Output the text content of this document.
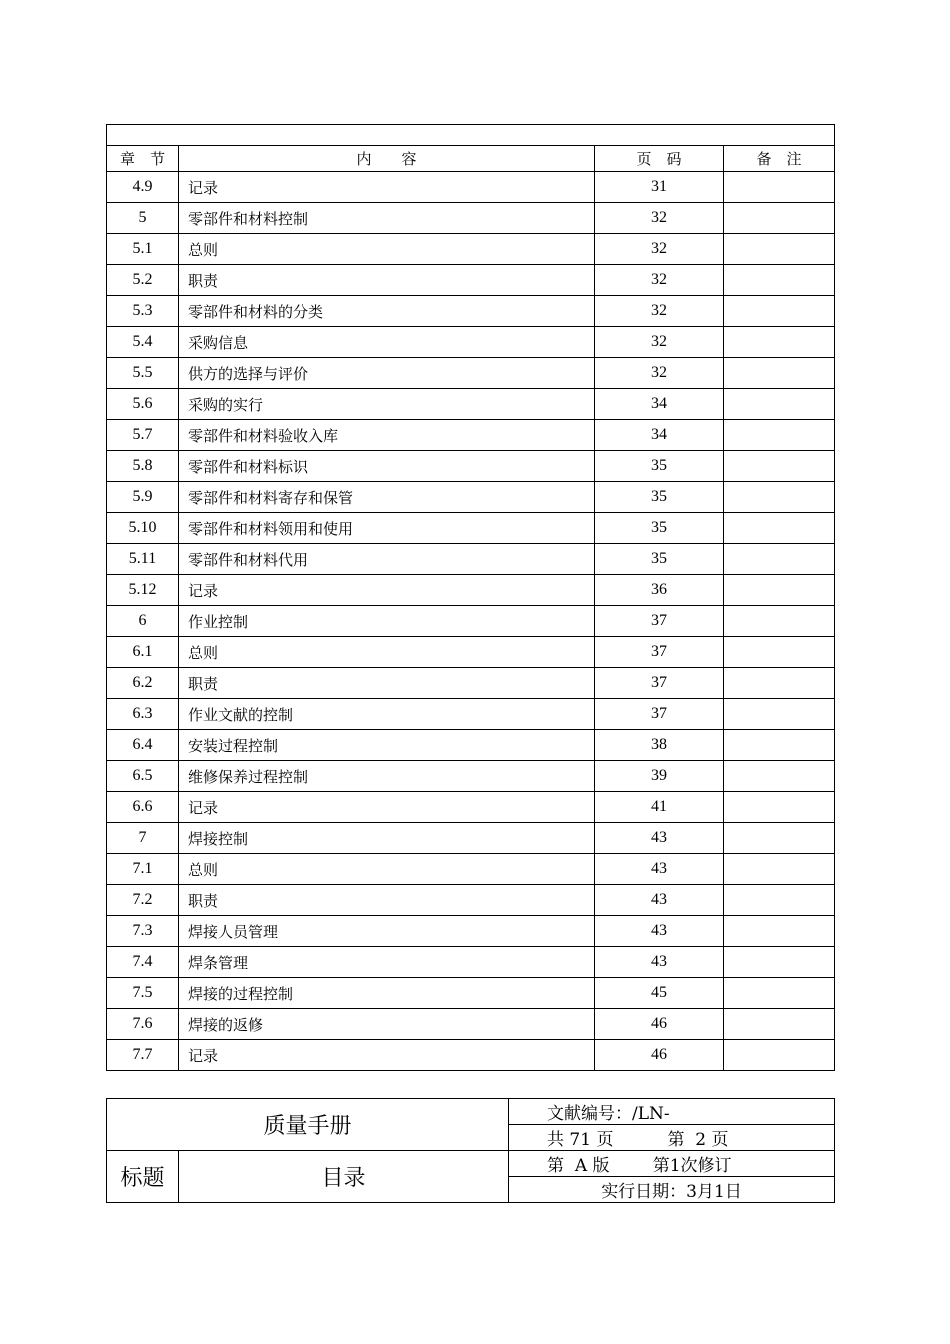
章　节	内　　容	页　码	备　注
4.9	记录	31	
5	零部件和材料控制	32	
5.1	总则	32	
5.2	职责	32	
5.3	零部件和材料的分类	32	
5.4	采购信息	32	
5.5	供方的选择与评价	32	
5.6	采购的实行	34	
5.7	零部件和材料验收入库	34	
5.8	零部件和材料标识	35	
5.9	零部件和材料寄存和保管	35	
5.10	零部件和材料领用和使用	35	
5.11	零部件和材料代用	35	
5.12	记录	36	
6	作业控制	37	
6.1	总则	37	
6.2	职责	37	
6.3	作业文献的控制	37	
6.4	安装过程控制	38	
6.5	维修保养过程控制	39	
6.6	记录	41	
7	焊接控制	43	
7.1	总则	43	
7.2	职责	43	
7.3	焊接人员管理	43	
7.4	焊条管理	43	
7.5	焊接的过程控制	45	
7.6	焊接的返修	46	
7.7	记录	46	
质量手册		文献编号：/LN-
		共 71 页          第  2 页
标题	目录	第  A 版        第1次修订
		实行日期：3月1日
